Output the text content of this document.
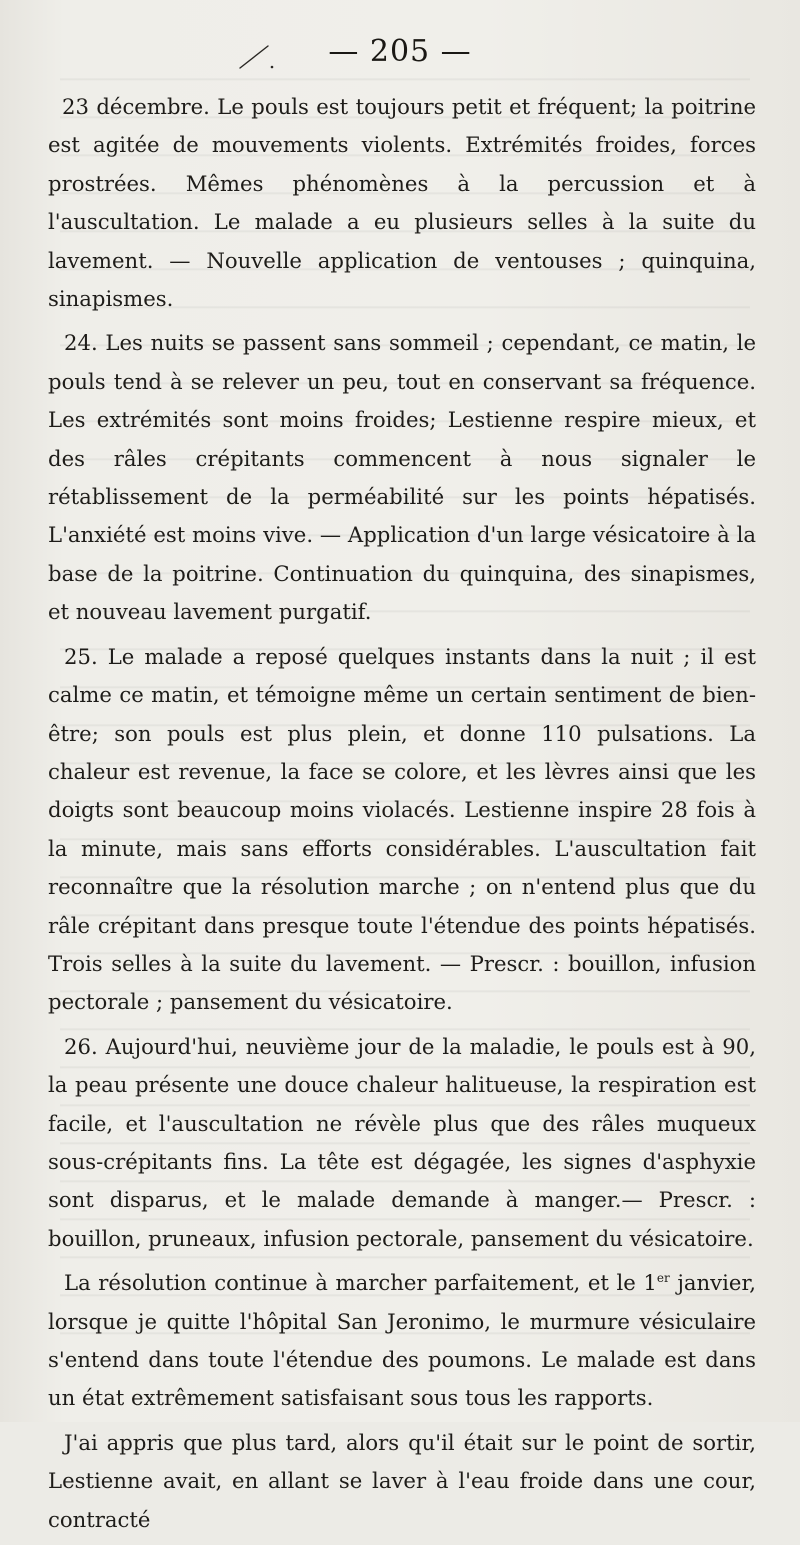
— 205 —

23 décembre. Le pouls est toujours petit et fréquent; la poitrine est agitée de mouvements violents. Extrémités froides, forces prostrées. Mêmes phénomènes à la percussion et à l'auscultation. Le malade a eu plusieurs selles à la suite du lavement. — Nouvelle application de ventouses ; quinquina, sinapismes.

24. Les nuits se passent sans sommeil ; cependant, ce matin, le pouls tend à se relever un peu, tout en conservant sa fréquence. Les extrémités sont moins froides; Lestienne respire mieux, et des râles crépitants commencent à nous signaler le rétablissement de la perméabilité sur les points hépatisés. L'anxiété est moins vive. — Application d'un large vésicatoire à la base de la poitrine. Continuation du quinquina, des sinapismes, et nouveau lavement purgatif.

25. Le malade a reposé quelques instants dans la nuit ; il est calme ce matin, et témoigne même un certain sentiment de bien-être; son pouls est plus plein, et donne 110 pulsations. La chaleur est revenue, la face se colore, et les lèvres ainsi que les doigts sont beaucoup moins violacés. Lestienne inspire 28 fois à la minute, mais sans efforts considérables. L'auscultation fait reconnaître que la résolution marche ; on n'entend plus que du râle crépitant dans presque toute l'étendue des points hépatisés. Trois selles à la suite du lavement. — Prescr. : bouillon, infusion pectorale ; pansement du vésicatoire.

26. Aujourd'hui, neuvième jour de la maladie, le pouls est à 90, la peau présente une douce chaleur halitueuse, la respiration est facile, et l'auscultation ne révèle plus que des râles muqueux sous-crépitants fins. La tête est dégagée, les signes d'asphyxie sont disparus, et le malade demande à manger.— Prescr. : bouillon, pruneaux, infusion pectorale, pansement du vésicatoire.

La résolution continue à marcher parfaitement, et le 1er janvier, lorsque je quitte l'hôpital San Jeronimo, le murmure vésiculaire s'entend dans toute l'étendue des poumons. Le malade est dans un état extrêmement satisfaisant sous tous les rapports.

J'ai appris que plus tard, alors qu'il était sur le point de sortir, Lestienne avait, en allant se laver à l'eau froide dans une cour, contracté
